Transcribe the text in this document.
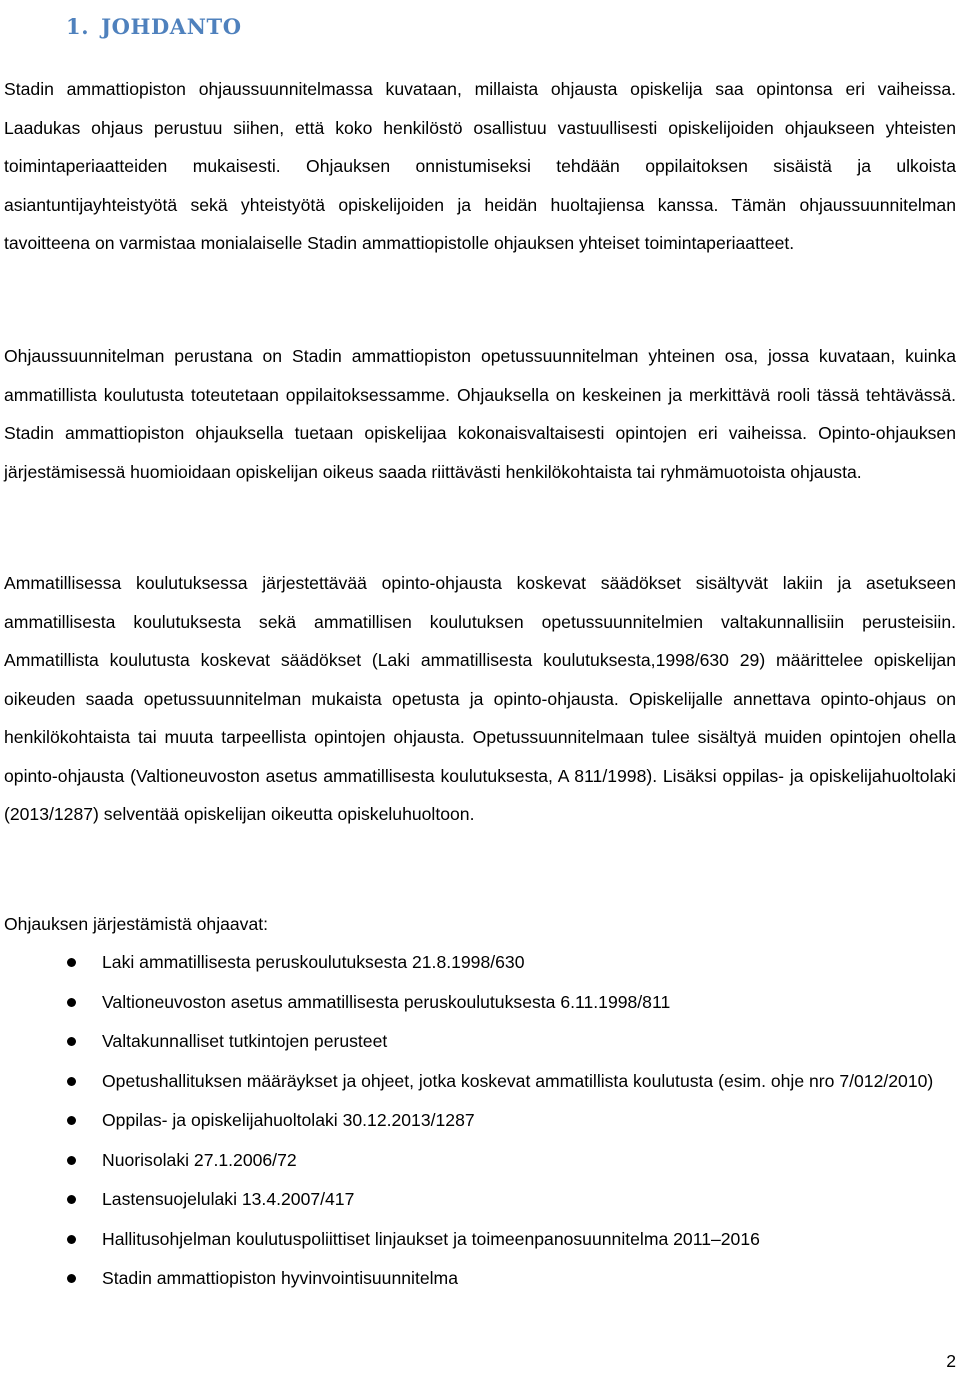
1. JOHDANTO

Stadin ammattiopiston ohjaussuunnitelmassa kuvataan, millaista ohjausta opiskelija saa opintonsa eri vaiheissa. Laadukas ohjaus perustuu siihen, että koko henkilöstö osallistuu vastuullisesti opiskelijoiden ohjaukseen yhteisten toimintaperiaatteiden mukaisesti. Ohjauksen onnistumiseksi tehdään oppilaitoksen sisäistä ja ulkoista asiantuntijayhteistyötä sekä yhteistyötä opiskelijoiden ja heidän huoltajiensa kanssa. Tämän ohjaussuunnitelman tavoitteena on varmistaa monialaiselle Stadin ammattiopistolle ohjauksen yhteiset toimintaperiaatteet.

Ohjaussuunnitelman perustana on Stadin ammattiopiston opetussuunnitelman yhteinen osa, jossa kuvataan, kuinka ammatillista koulutusta toteutetaan oppilaitoksessamme. Ohjauksella on keskeinen ja merkittävä rooli tässä tehtävässä. Stadin ammattiopiston ohjauksella tuetaan opiskelijaa kokonaisvaltaisesti opintojen eri vaiheissa. Opinto-ohjauksen järjestämisessä huomioidaan opiskelijan oikeus saada riittävästi henkilökohtaista tai ryhmämuotoista ohjausta.

Ammatillisessa koulutuksessa järjestettävää opinto-ohjausta koskevat säädökset sisältyvät lakiin ja asetukseen ammatillisesta koulutuksesta sekä ammatillisen koulutuksen opetussuunnitelmien valtakunnallisiin perusteisiin. Ammatillista koulutusta koskevat säädökset (Laki ammatillisesta koulutuksesta,1998/630 29) määrittelee opiskelijan oikeuden saada opetussuunnitelman mukaista opetusta ja opinto-ohjausta. Opiskelijalle annettava opinto-ohjaus on henkilökohtaista tai muuta tarpeellista opintojen ohjausta. Opetussuunnitelmaan tulee sisältyä muiden opintojen ohella opinto-ohjausta (Valtioneuvoston asetus ammatillisesta koulutuksesta, A 811/1998). Lisäksi oppilas- ja opiskelijahuoltolaki (2013/1287) selventää opiskelijan oikeutta opiskeluhuoltoon.

Ohjauksen järjestämistä ohjaavat:

Laki ammatillisesta peruskoulutuksesta 21.8.1998/630
Valtioneuvoston asetus ammatillisesta peruskoulutuksesta 6.11.1998/811
Valtakunnalliset tutkintojen perusteet
Opetushallituksen määräykset ja ohjeet, jotka koskevat ammatillista koulutusta (esim. ohje nro 7/012/2010)
Oppilas- ja opiskelijahuoltolaki 30.12.2013/1287
Nuorisolaki 27.1.2006/72
Lastensuojelulaki 13.4.2007/417
Hallitusohjelman koulutuspoliittiset linjaukset ja toimeenpanosuunnitelma 2011–2016
Stadin ammattiopiston hyvinvointisuunnitelma
2
